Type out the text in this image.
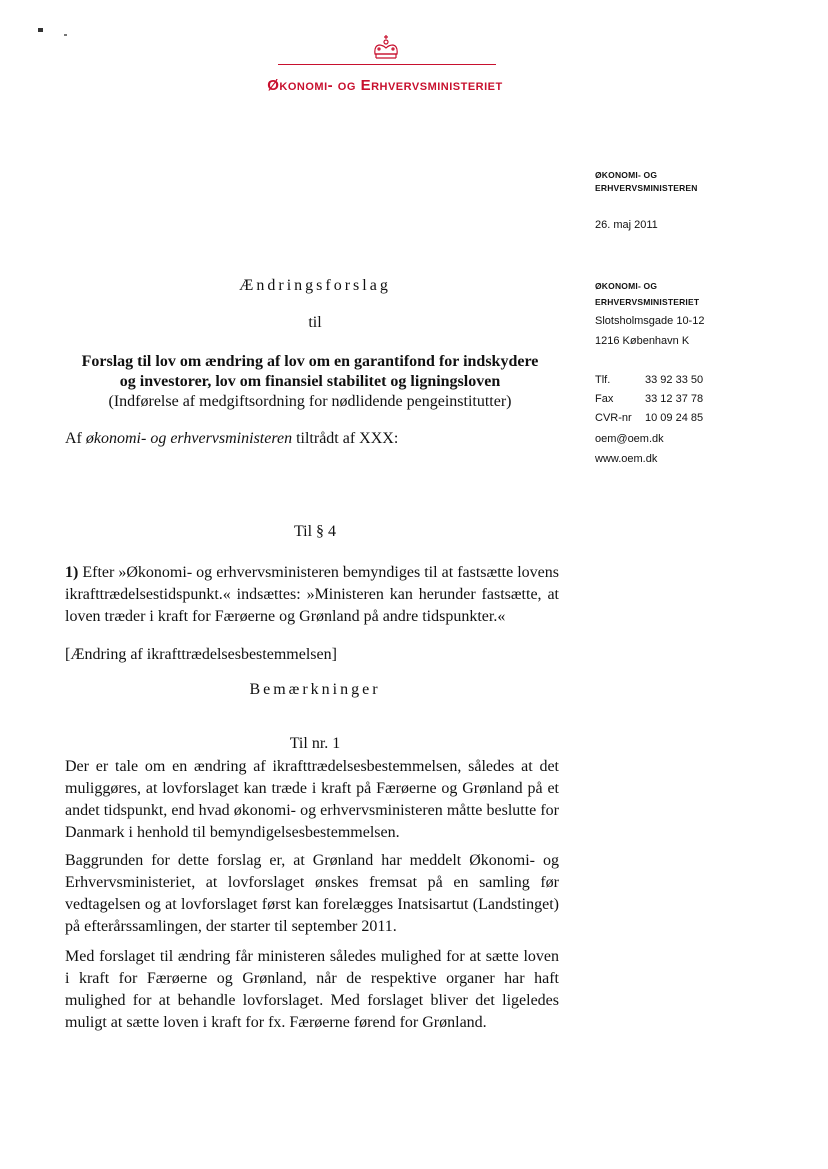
Økonomi- og Erhvervsministeriet
ØKONOMI- OG
ERHVERVSMINISTEREN
26. maj 2011
ØKONOMI- OG
ERHVERVSMINISTERIET
Slotsholmsgade 10-12
1216 København K
Tlf.	33 92 33 50
Fax	33 12 37 78
CVR-nr	10 09 24 85
oem@oem.dk
www.oem.dk
Ændringsforslag
til
Forslag til lov om ændring af lov om en garantifond for indskydere
og investorer, lov om finansiel stabilitet og ligningsloven
(Indførelse af medgiftsordning for nødlidende pengeinstitutter)
Af økonomi- og erhvervsministeren tiltrådt af XXX:
Til § 4
1) Efter »Økonomi- og erhvervsministeren bemyndiges til at fastsætte lovens ikrafttrædelsestidspunkt.« indsættes: »Ministeren kan herunder fastsætte, at loven træder i kraft for Færøerne og Grønland på andre tidspunkter.«
[Ændring af ikrafttrædelsesbestemmelsen]
Bemærkninger
Til nr. 1
Der er tale om en ændring af ikrafttrædelsesbestemmelsen, således at det muliggøres, at lovforslaget kan træde i kraft på Færøerne og Grønland på et andet tidspunkt, end hvad økonomi- og erhvervsministeren måtte beslutte for Danmark i henhold til bemyndigelsesbestemmelsen.
Baggrunden for dette forslag er, at Grønland har meddelt Økonomi- og Erhvervsministeriet, at lovforslaget ønskes fremsat på en samling før vedtagelsen og at lovforslaget først kan forelægges Inatsisartut (Landstinget) på efterårssamlingen, der starter til september 2011.
Med forslaget til ændring får ministeren således mulighed for at sætte loven i kraft for Færøerne og Grønland, når de respektive organer har haft mulighed for at behandle lovforslaget. Med forslaget bliver det ligeledes muligt at sætte loven i kraft for fx. Færøerne førend for Grønland.
